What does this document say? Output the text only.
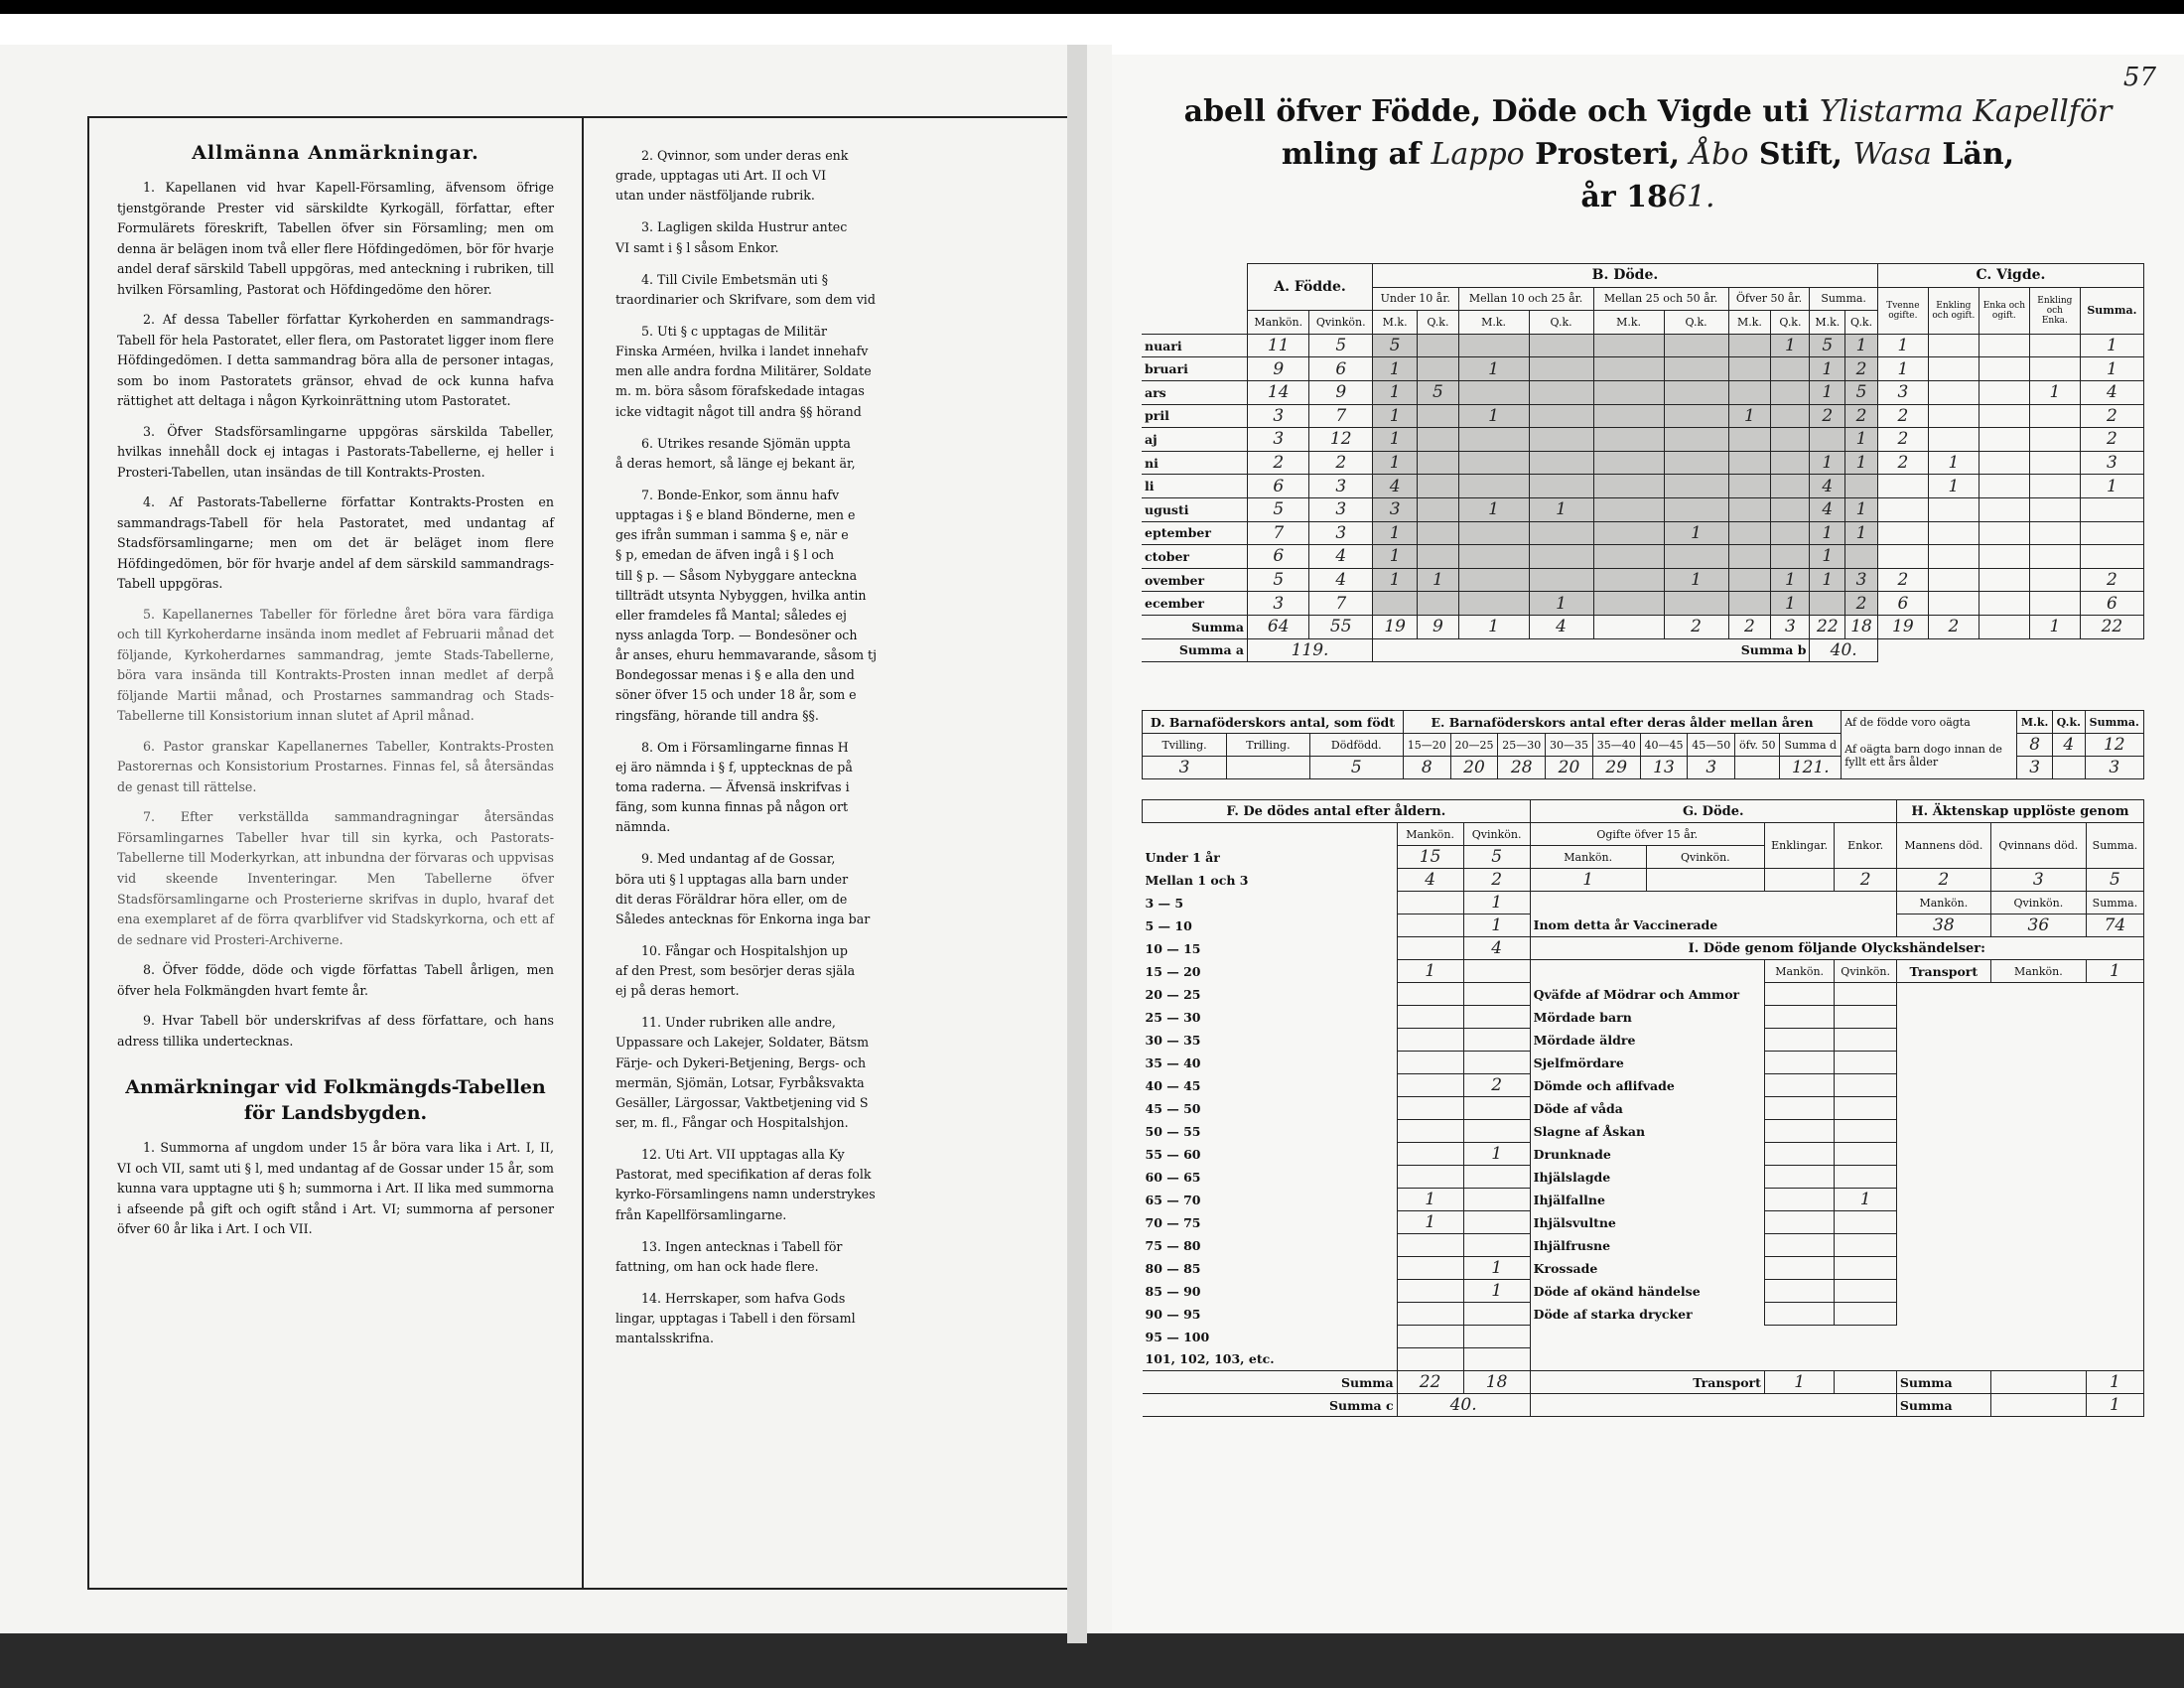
Allmänna Anmärkningar.

1. Kapellanen vid hvar Kapell-Församling, äfvensom öfrige tjenstgörande Prester vid särskildte Kyrkogäll, författar, efter Formulärets föreskrift, Tabellen öfver sin Församling; men om denna är belägen inom två eller flere Höfdingedömen, bör för hvarje andel deraf särskild Tabell uppgöras, med anteckning i rubriken, till hvilken Församling, Pastorat och Höfdingedöme den hörer.

2. Af dessa Tabeller författar Kyrkoherden en sammandrags-Tabell för hela Pastoratet, eller flera, om Pastoratet ligger inom flere Höfdingedömen. I detta sammandrag böra alla de personer intagas, som bo inom Pastoratets gränsor, ehvad de ock kunna hafva rättighet att deltaga i någon Kyrkoinrättning utom Pastoratet.

3. Öfver Stadsförsamlingarne uppgöras särskilda Tabeller, hvilkas innehåll dock ej intagas i Pastorats-Tabellerne, ej heller i Prosteri-Tabellen, utan insändas de till Kontrakts-Prosten.

4. Af Pastorats-Tabellerne författar Kontrakts-Prosten en sammandrags-Tabell för hela Pastoratet, med undantag af Stadsförsamlingarne; men om det är beläget inom flere Höfdingedömen, bör för hvarje andel af dem särskild sammandrags-Tabell uppgöras.

5. Kapellanernes Tabeller för förledne året böra vara färdiga och till Kyrkoherdarne insända inom medlet af Februarii månad det följande, Kyrkoherdarnes sammandrag, jemte Stads-Tabellerne, böra vara insända till Kontrakts-Prosten innan medlet af derpå följande Martii månad, och Prostarnes sammandrag och Stads-Tabellerne till Konsistorium innan slutet af April månad.

6. Pastor granskar Kapellanernes Tabeller, Kontrakts-Prosten Pastorernas och Konsistorium Prostarnes. Finnas fel, så återsändas de genast till rättelse.

7. Efter verkställda sammandragningar återsändas Församlingarnes Tabeller hvar till sin kyrka, och Pastorats-Tabellerne till Moderkyrkan, att inbundna der förvaras och uppvisas vid skeende Inventeringar. Men Tabellerne öfver Stadsförsamlingarne och Prosterierne skrifvas in duplo, hvaraf det ena exemplaret af de förra qvarblifver vid Stadskyrkorna, och ett af de sednare vid Prosteri-Archiverne.

8. Öfver födde, döde och vigde författas Tabell årligen, men öfver hela Folkmängden hvart femte år.

9. Hvar Tabell bör underskrifvas af dess författare, och hans adress tillika undertecknas.

Anmärkningar vid Folkmängds-Tabellen för Landsbygden.

1. Summorna af ungdom under 15 år böra vara lika i Art. I, II, VI och VII, samt uti § l, med undantag af de Gossar under 15 år, som kunna vara upptagne uti § h; summorna i Art. II lika med summorna i afseende på gift och ogift stånd i Art. VI; summorna af personer öfver 60 år lika i Art. I och VII.

2. Qvinnor, som under deras enk
grade, upptagas uti Art. II och VI
utan under nästföljande rubrik.
3. Lagligen skilda Hustrur antec
VI samt i § l såsom Enkor.
4. Till Civile Embetsmän uti §
traordinarier och Skrifvare, som dem vid
5. Uti § c upptagas de Militär
Finska Arméen, hvilka i landet innehafv
men alle andra fordna Militärer, Soldate
m. m. böra såsom förafskedade intagas
icke vidtagit något till andra §§ hörand
6. Utrikes resande Sjömän uppta
å deras hemort, så länge ej bekant är,
7. Bonde-Enkor, som ännu hafv
upptagas i § e bland Bönderne, men e
ges ifrån summan i samma § e, när e
§ p, emedan de äfven ingå i § l och
till § p. — Såsom Nybyggare anteckna
tillträdt utsynta Nybyggen, hvilka antin
eller framdeles få Mantal; således ej
nyss anlagda Torp. — Bondesöner och
år anses, ehuru hemmavarande, såsom tj
Bondegossar menas i § e alla den und
söner öfver 15 och under 18 år, som e
ringsfäng, hörande till andra §§.
8. Om i Församlingarne finnas H
ej äro nämnda i § f, upptecknas de på
toma raderna. — Äfvensä inskrifvas i
fäng, som kunna finnas på någon ort
nämnda.
9. Med undantag af de Gossar,
böra uti § l upptagas alla barn under
dit deras Föräldrar höra eller, om de
Således antecknas för Enkorna inga bar
10. Fångar och Hospitalshjon up
af den Prest, som besörjer deras själa
ej på deras hemort.
11. Under rubriken alle andre,
Uppassare och Lakejer, Soldater, Bätsm
Färje- och Dykeri-Betjening, Bergs- och
mermän, Sjömän, Lotsar, Fyrbåksvakta
Gesäller, Lärgossar, Vaktbetjening vid S
ser, m. fl., Fångar och Hospitalshjon.
12. Uti Art. VII upptagas alla Ky
Pastorat, med specifikation af deras folk
kyrko-Församlingens namn understrykes
från Kapellförsamlingarne.
13. Ingen antecknas i Tabell för
fattning, om han ock hade flere.
14. Herrskaper, som hafva Gods
lingar, upptagas i Tabell i den församl
mantalsskrifna.
57
abell öfver Födde, Döde och Vigde uti Ylistarma Kapellför
mling af Lappo Prosteri, Åbo Stift, Wasa Län,
år 1861.
	A. Födde.		B. Döde.										C. Vigde.				
			Under 10 år.		Mellan 10 och 25 år.		Mellan 25 och 50 år.		Öfver 50 år.		Summa.		Tvenne ogifte.	Enkling och ogift.	Enka och ogift.	Enkling och Enka.	Summa.
	Mankön.	Qvinkön.	M.k.	Q.k.	M.k.	Q.k.	M.k.	Q.k.	M.k.	Q.k.	M.k.	Q.k.					
nuari	11	5	5							1	5	1	1				1
bruari	9	6	1		1						1	2	1				1
ars	14	9	1	5							1	5	3			1	4
pril	3	7	1		1				1		2	2	2				2
aj	3	12	1									1	2				2
ni	2	2	1								1	1	2	1			3
li	6	3	4								4			1			1
ugusti	5	3	3		1	1					4	1					
eptember	7	3	1					1			1	1					
ctober	6	4	1								1						
ovember	5	4	1	1				1		1	1	3	2				2
ecember	3	7				1				1		2	6				6
Summa	64	55	19	9	1	4		2	2	3	22	18	19	2		1	22
Summa a	119.		Summa b								40.						
D. Barnaföderskors antal, som födt			E. Barnaföderskors antal efter deras ålder mellan åren									Af de födde voro oägta	M.k.	Q.k.	Summa.
Tvilling.	Trilling.	Dödfödd.	15—20	20—25	25—30	30—35	35—40	40—45	45—50	öfv. 50	Summa d	Af oägta barn dogo innan de fyllt ett års ålder	8	4	12
3		5	8	20	28	20	29	13	3		121.		3		3
F. De dödes antal efter åldern.			G. Döde.				H. Äktenskap upplöste genom		
	Mankön.	Qvinkön.	Ogifte öfver 15 år.		Enklingar.	Enkor.	Mannens död.	Qvinnans död.	Summa.
Under 1 år	15	5	Mankön.	Qvinkön.					
Mellan 1 och 3	4	2	1			2	2	3	5
3 — 5		1					Mankön.	Qvinkön.	Summa.
5 — 10		1	Inom detta år Vaccinerade				38	36	74
10 — 15		4	I. Döde genom följande Olyckshändelser:						
15 — 20	1				Mankön.	Qvinkön.	Transport	Mankön.	1
20 — 25			Qväfde af Mödrar och Ammor						
25 — 30			Mördade barn						
30 — 35			Mördade äldre						
35 — 40			Sjelfmördare						
40 — 45		2	Dömde och aflifvade						
45 — 50			Döde af våda						
50 — 55			Slagne af Åskan						
55 — 60		1	Drunknade						
60 — 65			Ihjälslagde						
65 — 70	1		Ihjälfallne			1			
70 — 75	1		Ihjälsvultne						
75 — 80			Ihjälfrusne						
80 — 85		1	Krossade						
85 — 90		1	Döde af okänd händelse						
90 — 95			Döde af starka drycker						
95 — 100									
101, 102, 103, etc.									
Summa	22	18	Transport		1		Summa		1
Summa c	40.						Summa		1
